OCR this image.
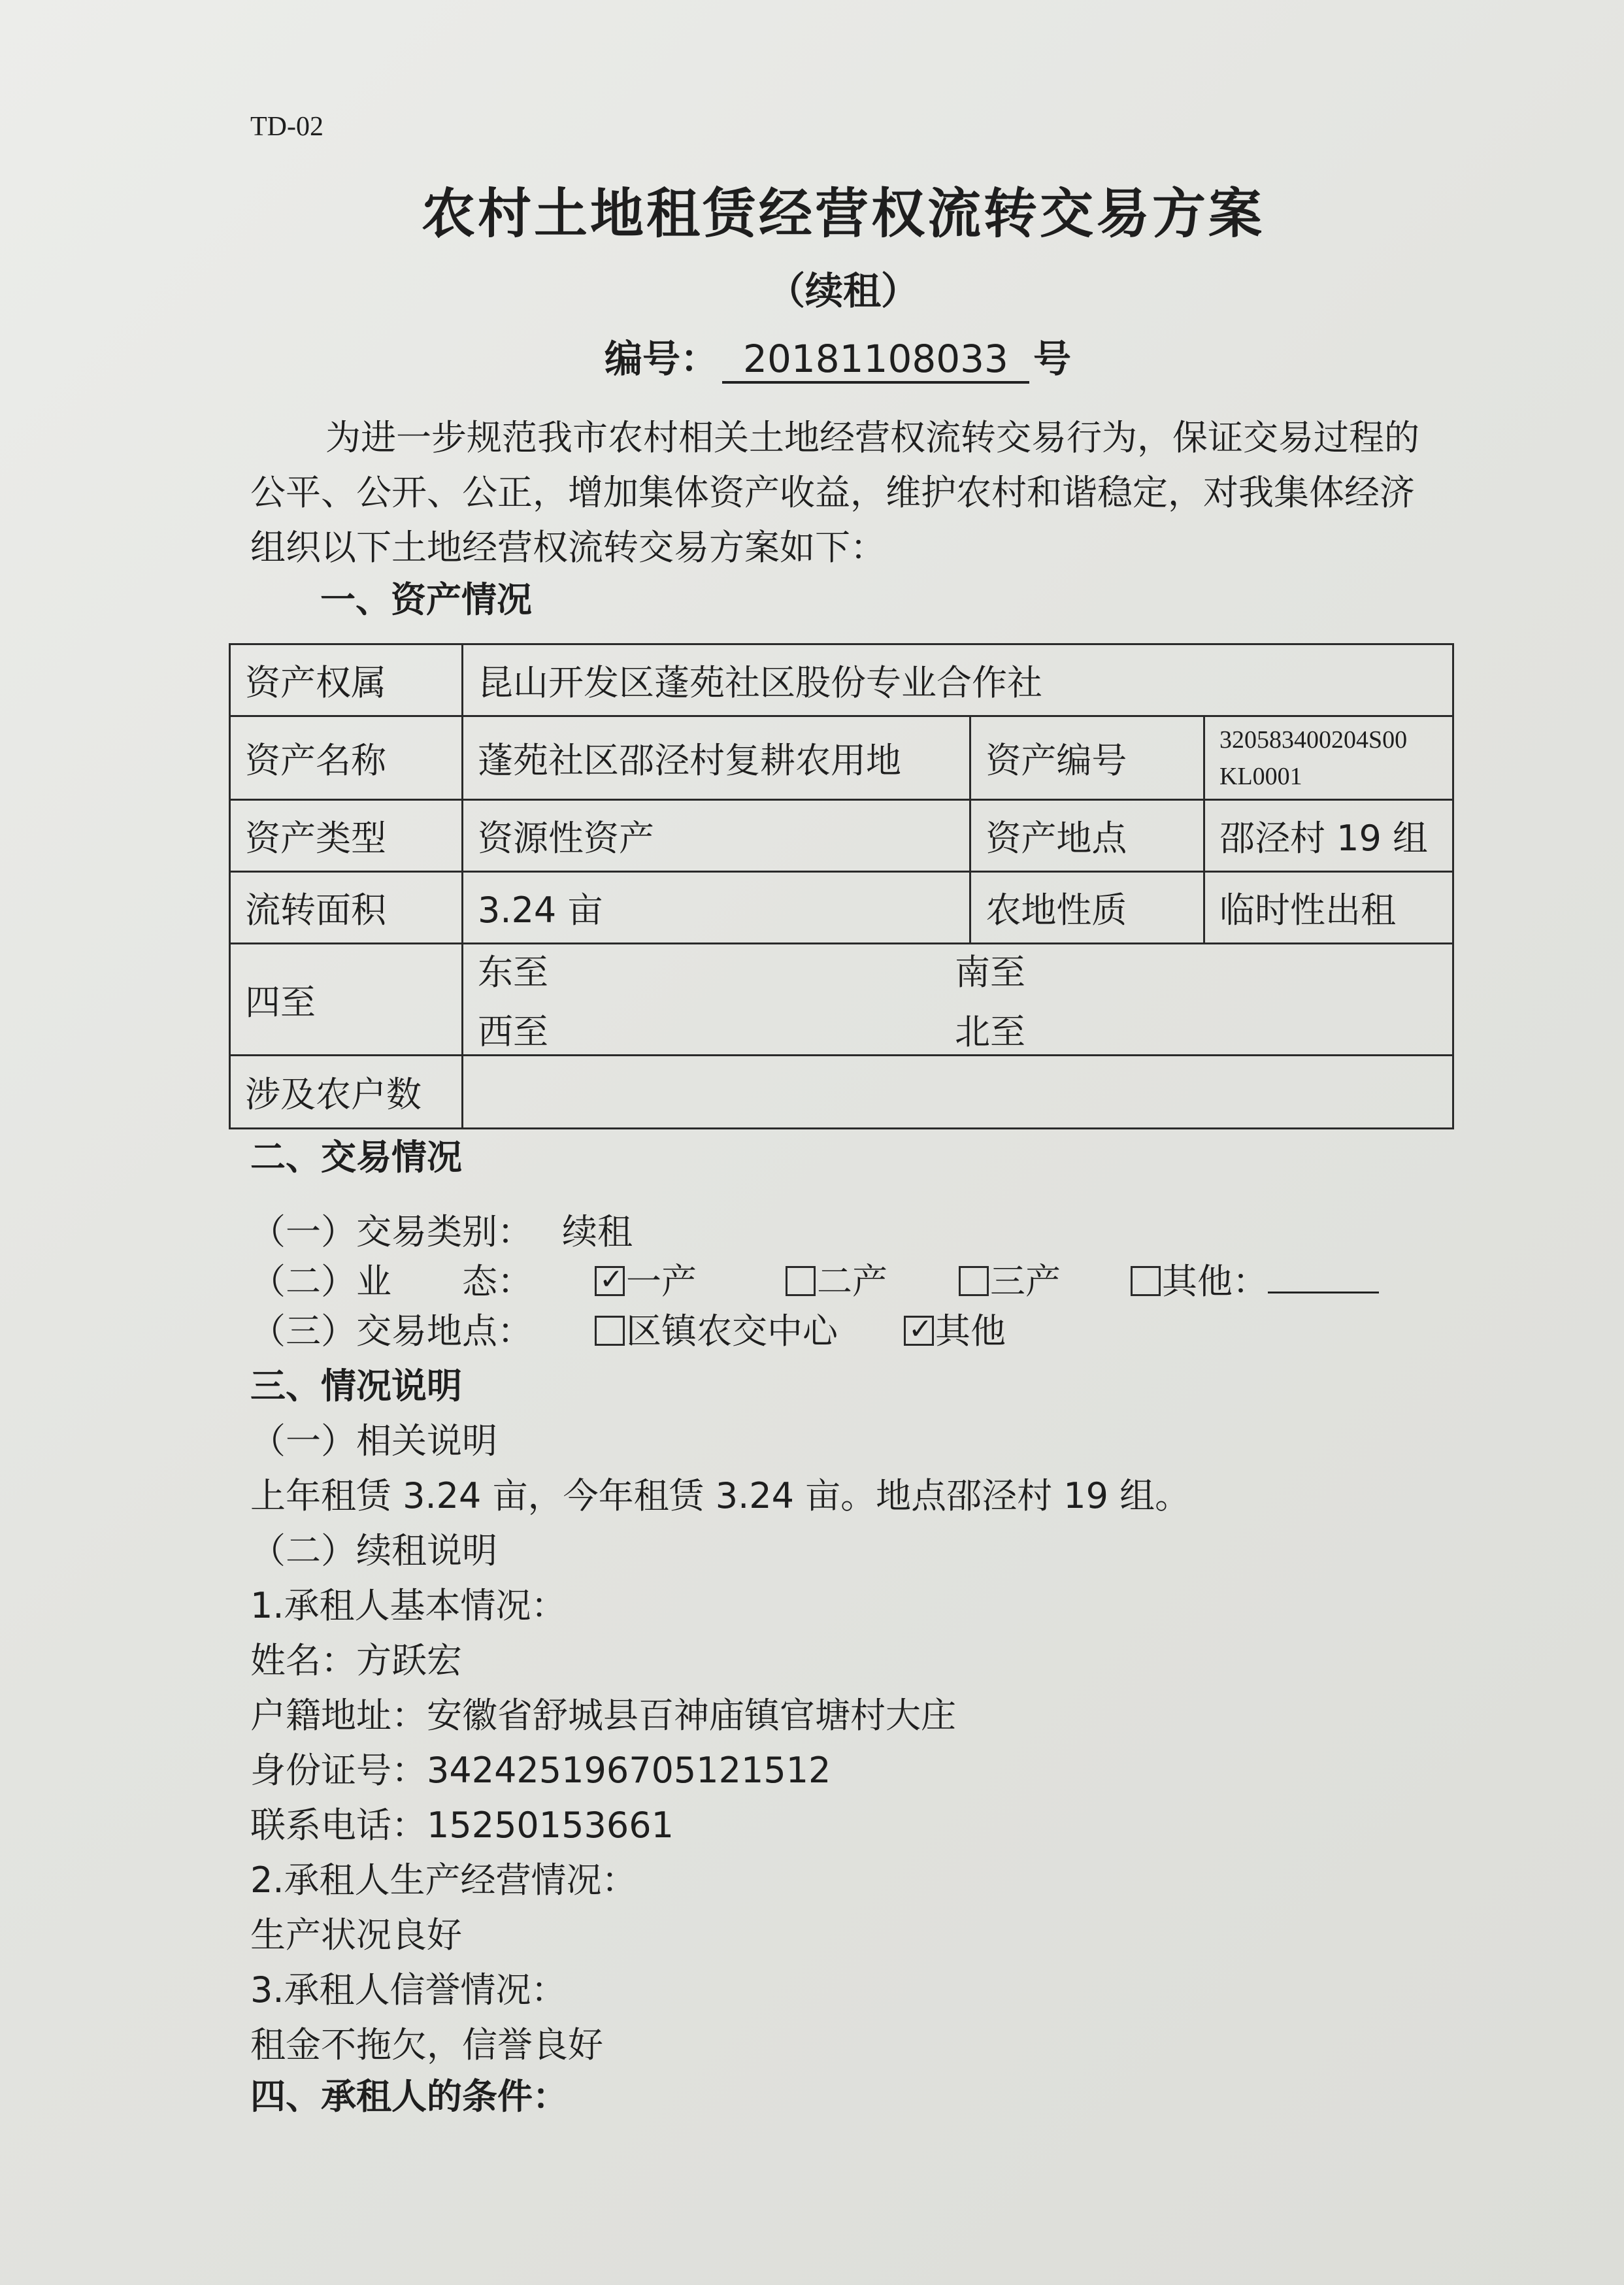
TD-02
农村土地租赁经营权流转交易方案
（续租）
编号： 20181108033 号
为进一步规范我市农村相关土地经营权流转交易行为，保证交易过程的公平、公开、公正，增加集体资产收益，维护农村和谐稳定，对我集体经济组织以下土地经营权流转交易方案如下：
一、资产情况
资产权属	昆山开发区蓬苑社区股份专业合作社		
资产名称	蓬苑社区邵泾村复耕农用地	资产编号	320583400204S00
KL0001

资产类型	资源性资产	资产地点	邵泾村 19 组
流转面积	3.24 亩	农地性质	临时性出租
四至	东至 南至
西至 北至		

涉及农户数			
二、交易情况
（一）交易类别： 续租
（二）业　　态： ✓	一产	二产	三产	其他：
（三）交易地点：	区镇农交中心 ✓	其他
三、情况说明
（一）相关说明
上年租赁 3.24 亩，今年租赁 3.24 亩。地点邵泾村 19 组。
（二）续租说明
1.承租人基本情况：
姓名：方跃宏
户籍地址：安徽省舒城县百神庙镇官塘村大庄
身份证号：342425196705121512
联系电话：15250153661
2.承租人生产经营情况：
生产状况良好
3.承租人信誉情况：
租金不拖欠，信誉良好
四、承租人的条件：
